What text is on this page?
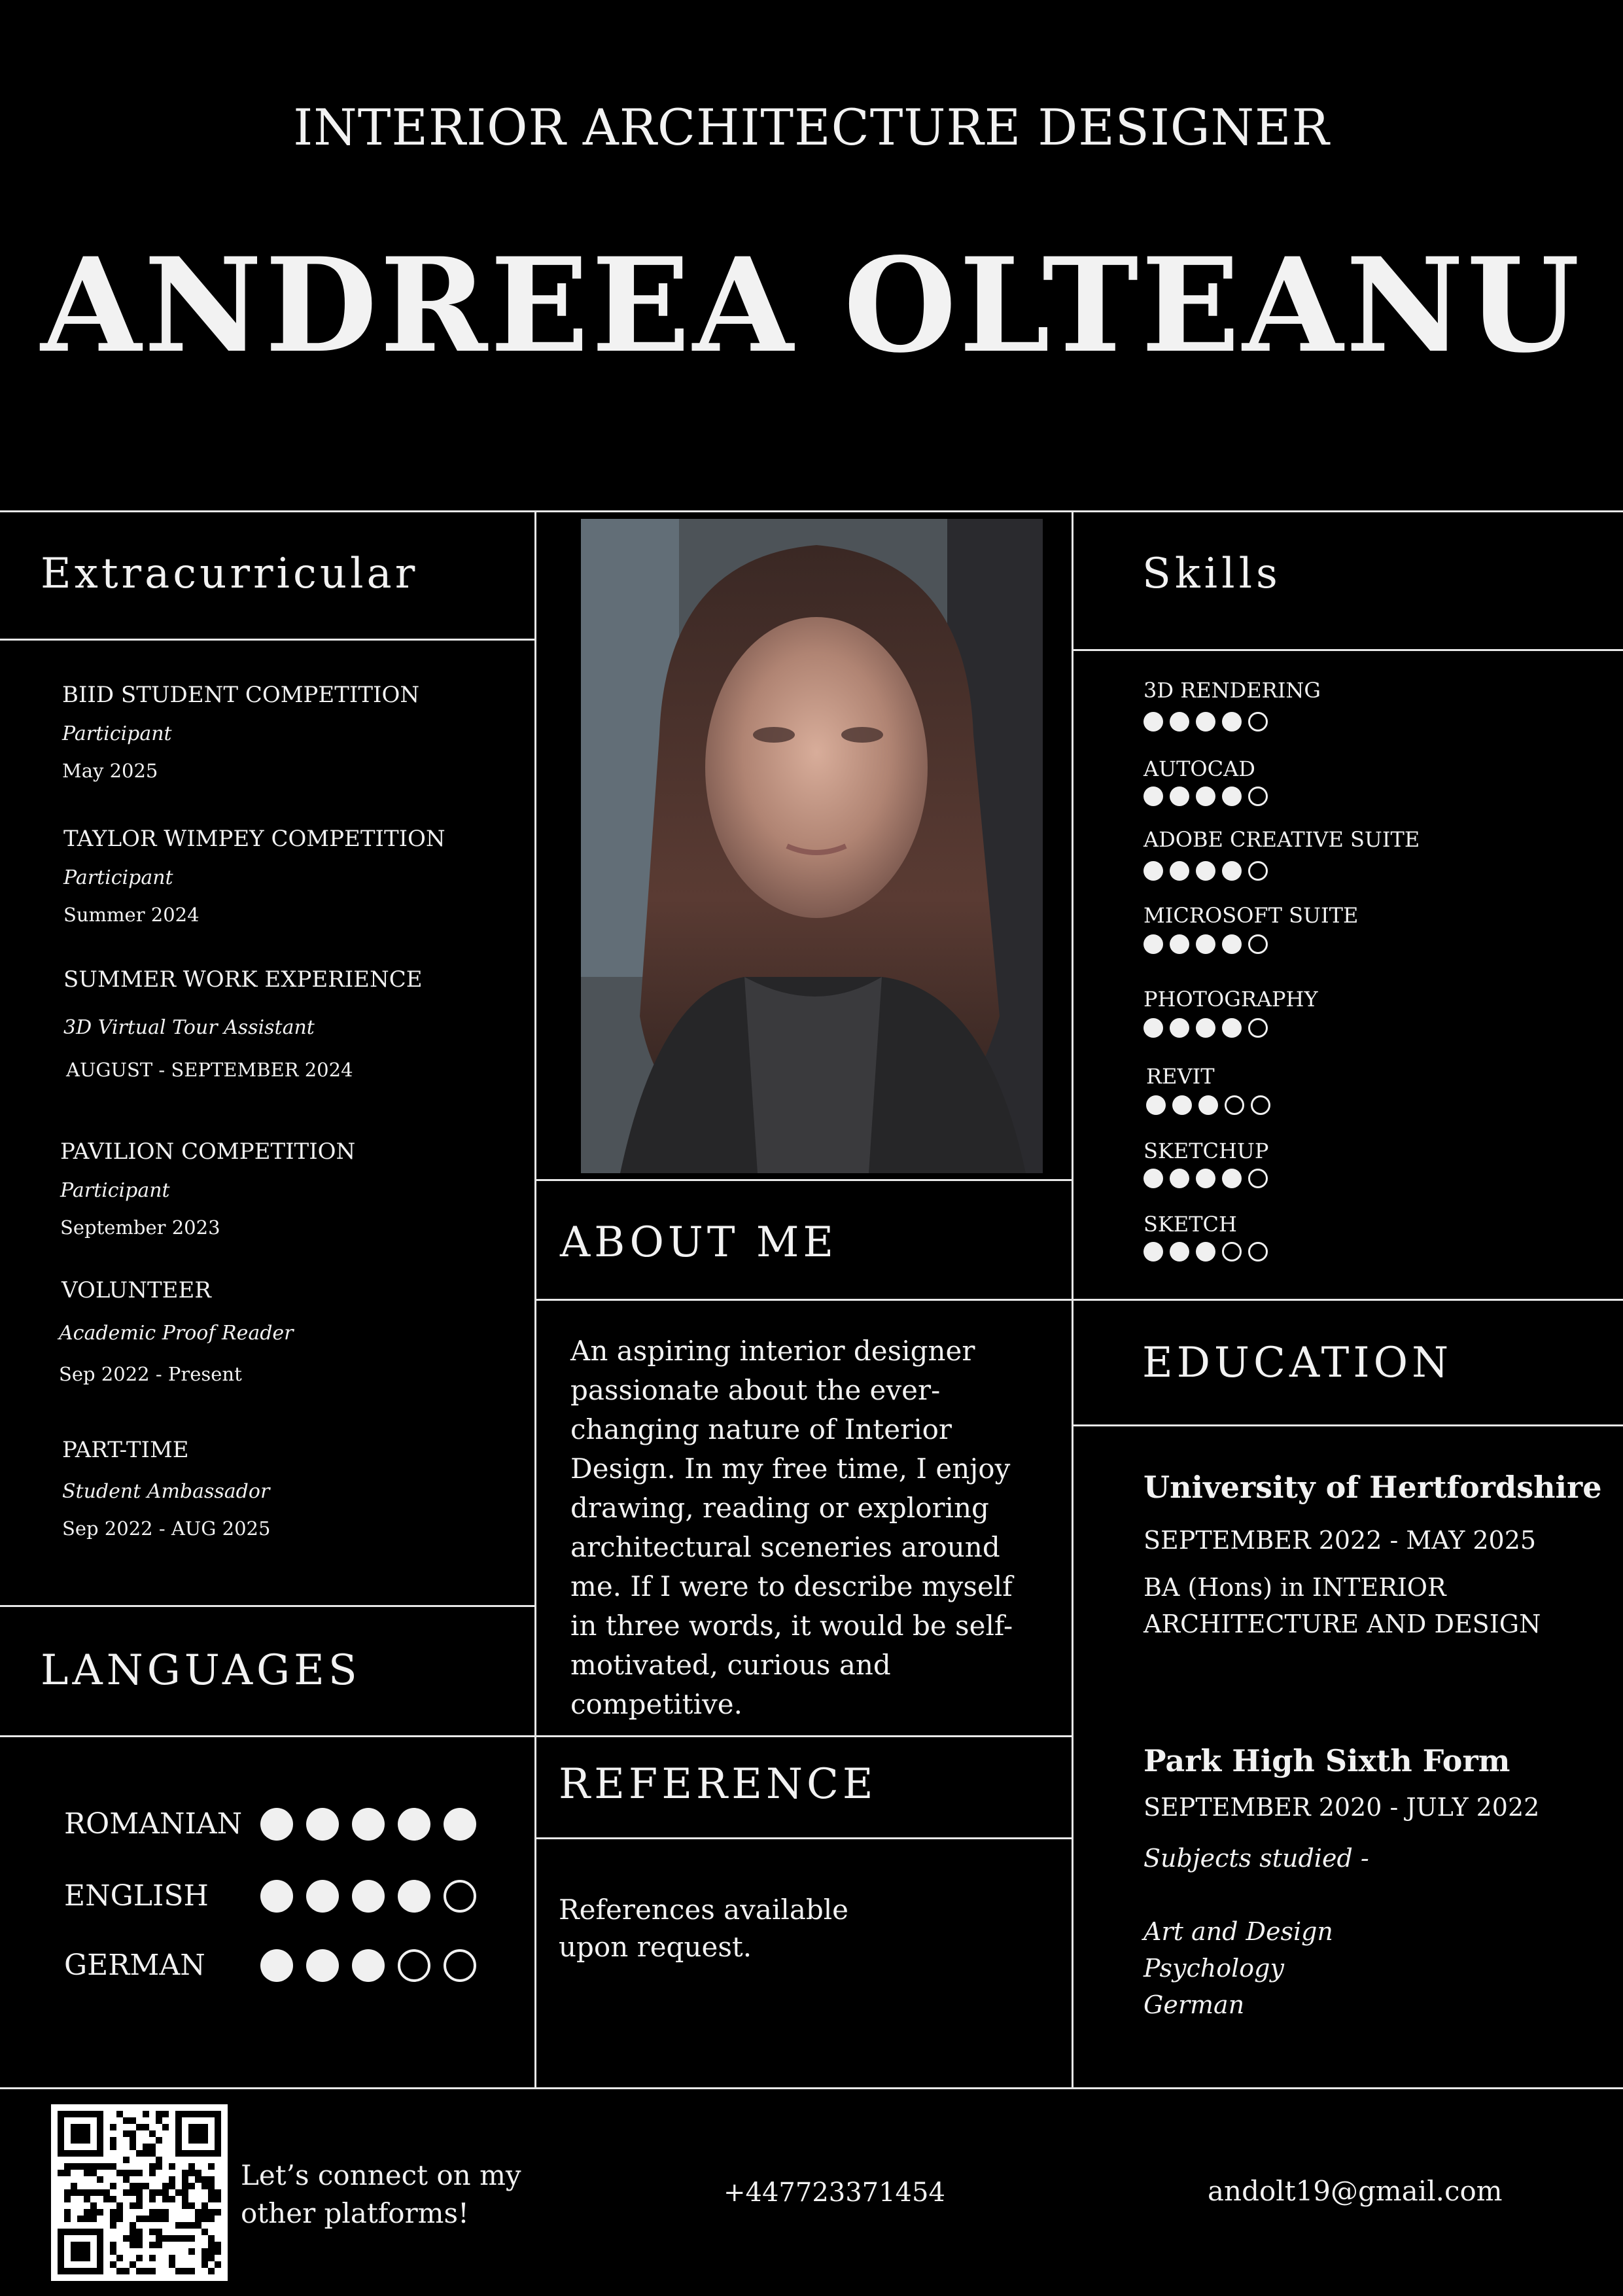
INTERIOR ARCHITECTURE DESIGNER
ANDREEA OLTEANU
Extracurricular
BIID STUDENT COMPETITION
Participant
May 2025
TAYLOR WIMPEY COMPETITION
Participant
Summer 2024
SUMMER WORK EXPERIENCE
3D Virtual Tour Assistant
AUGUST - SEPTEMBER 2024
PAVILION COMPETITION
Participant
September 2023
VOLUNTEER
Academic Proof Reader
Sep 2022 - Present
PART-TIME
Student Ambassador
Sep 2022 - AUG 2025
LANGUAGES
ROMANIAN
ENGLISH
GERMAN
ABOUT ME
An aspiring interior designer passionate about the ever-changing nature of Interior Design. In my free time, I enjoy drawing, reading or exploring architectural sceneries around me. If I were to describe myself in three words, it would be self-motivated, curious and competitive.
REFERENCE
References available upon request.
Skills
3D RENDERING
AUTOCAD
ADOBE CREATIVE SUITE
MICROSOFT SUITE
PHOTOGRAPHY
REVIT
SKETCHUP
SKETCH
EDUCATION
University of Hertfordshire
SEPTEMBER 2022 - MAY 2025
BA (Hons) in INTERIOR
ARCHITECTURE AND DESIGN
Park High Sixth Form
SEPTEMBER 2020 - JULY 2022
Subjects studied -
Art and Design
Psychology
German
Let’s connect on my
other platforms!
+447723371454	andolt19@gmail.com
